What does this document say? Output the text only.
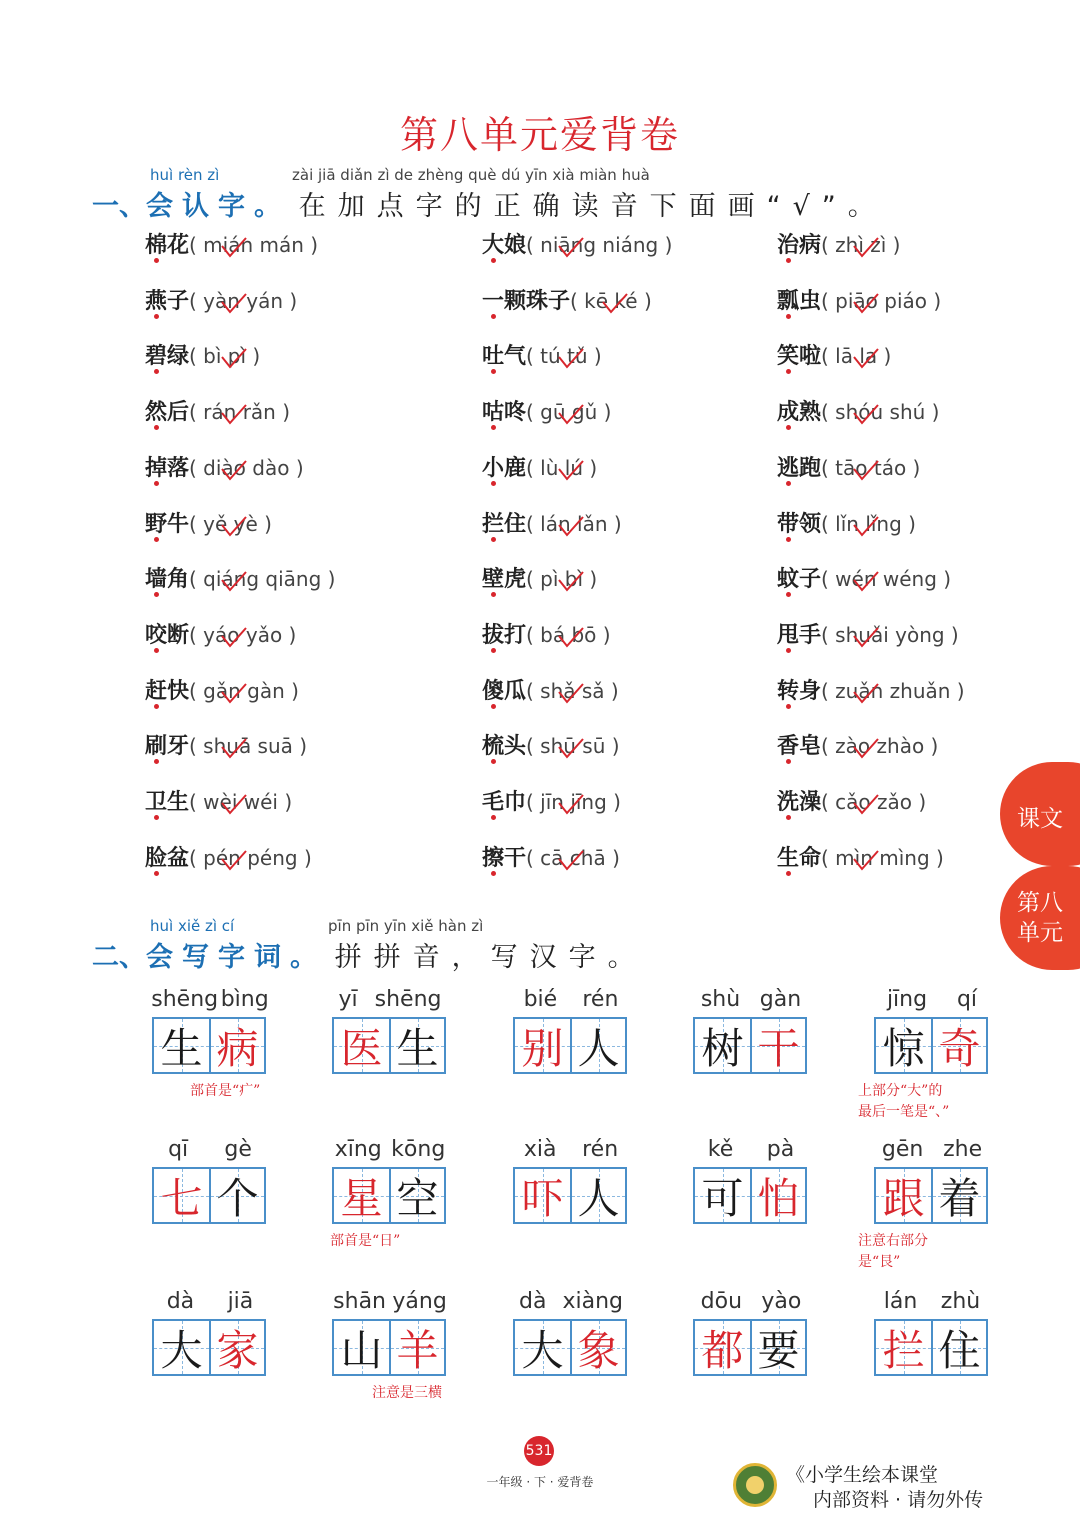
第八单元爱背卷
huì rèn zì	zài jiā diǎn zì de zhèng què dú yīn xià miàn huà
一、会认字。 在加点字的正确读音下面画“√”。
棉花( mián mán )	大娘( niāng niáng )	治病( zhì zì )
燕子( yàn yán )	一颗珠子( kē ké )	瓢虫( piāo piáo )
碧绿( bì pì )	吐气( tú tǔ )	笑啦( lā la )
然后( rán rǎn )	咕咚( gū gǔ )	成熟( shóu shú )
掉落( diào dào )	小鹿( lù lú )	逃跑( tāo táo )
野牛( yě yè )	拦住( lán lǎn )	带领( lǐn lǐng )
墙角( qiáng qiāng )	壁虎( pì bì )	蚊子( wén wéng )
咬断( yáo yǎo )	拔打( bá bō )	甩手( shuǎi yòng )
赶快( gǎn gàn )	傻瓜( shǎ sǎ )	转身( zuǎn zhuǎn )
刷牙( shuā suā )	梳头( shū sū )	香皂( zào zhào )
卫生( wèi wéi )	毛巾( jīn jīng )	洗澡( cǎo zǎo )
脸盆( pén péng )	擦干( cā chā )	生命( mìn mìng )
huì xiě zì cí	pīn pīn yīn xiě hàn zì
二、会写字词。 拼拼音，写汉字。
shēng bìng
生 病
部首是“疒”
yī shēng
医 生
bié rén
别 人
shù gàn
树 干
jīng qí
惊 奇
上部分“大”的
最后一笔是“、”
qī gè
七 个
xīng kōng
星 空
部首是“日”
xià rén
吓 人
kě pà
可 怕
gēn zhe
跟 着
注意右部分
是“艮”
dà jiā
大 家
shān yáng
山 羊
注意是三横
dà xiàng
大 象
dōu yào
都 要
lán zhù
拦 住
课文
第八
单元
531
一年级 · 下 · 爱背卷	《小学生绘本课堂
内部资料 · 请勿外传
